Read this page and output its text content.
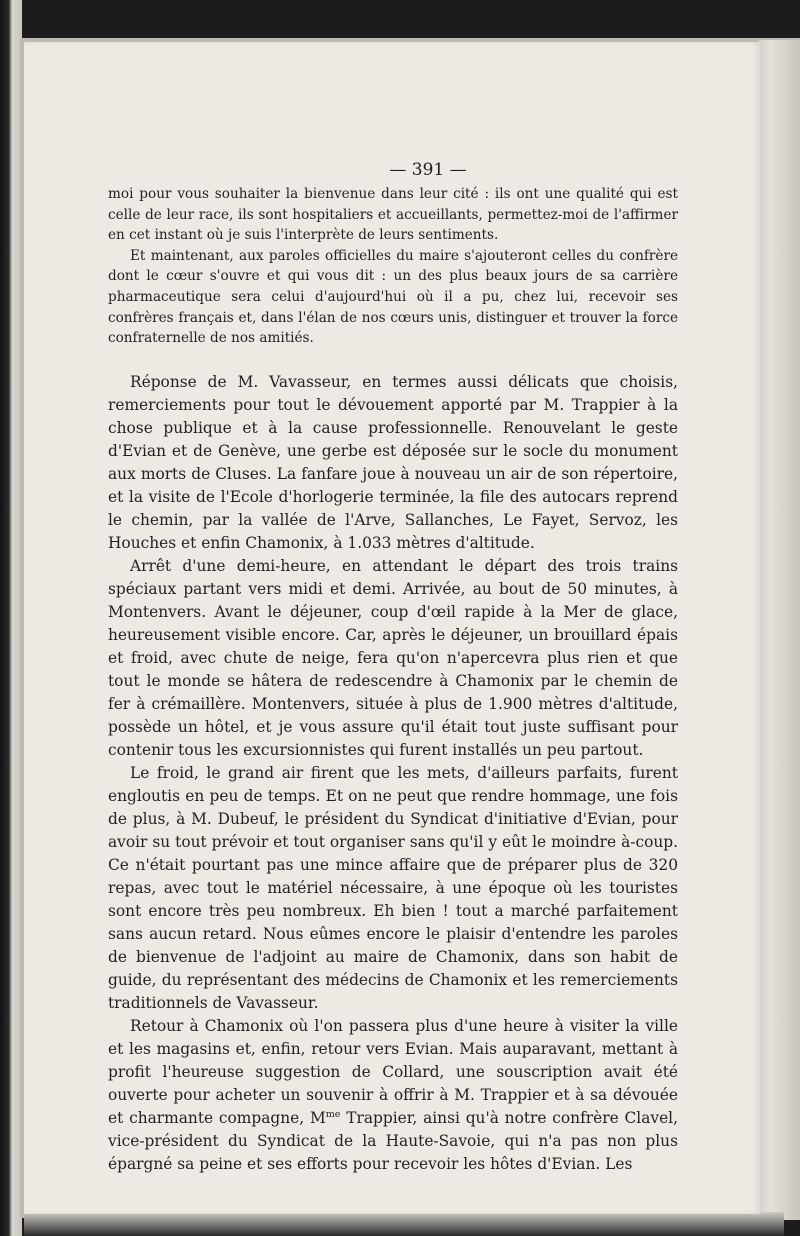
— 391 —

moi pour vous souhaiter la bienvenue dans leur cité : ils ont une qualité qui est celle de leur race, ils sont hospitaliers et accueillants, permettez-moi de l'affirmer en cet instant où je suis l'interprète de leurs sentiments.

Et maintenant, aux paroles officielles du maire s'ajouteront celles du confrère dont le cœur s'ouvre et qui vous dit : un des plus beaux jours de sa carrière pharmaceutique sera celui d'aujourd'hui où il a pu, chez lui, recevoir ses confrères français et, dans l'élan de nos cœurs unis, distinguer et trouver la force confraternelle de nos amitiés.

Réponse de M. Vavasseur, en termes aussi délicats que choisis, remerciements pour tout le dévouement apporté par M. Trappier à la chose publique et à la cause professionnelle. Renouvelant le geste d'Evian et de Genève, une gerbe est déposée sur le socle du monument aux morts de Cluses. La fanfare joue à nouveau un air de son répertoire, et la visite de l'Ecole d'horlogerie terminée, la file des autocars reprend le chemin, par la vallée de l'Arve, Sallanches, Le Fayet, Servoz, les Houches et enfin Chamonix, à 1.033 mètres d'altitude.

Arrêt d'une demi-heure, en attendant le départ des trois trains spéciaux partant vers midi et demi. Arrivée, au bout de 50 minutes, à Montenvers. Avant le déjeuner, coup d'œil rapide à la Mer de glace, heureusement visible encore. Car, après le déjeuner, un brouillard épais et froid, avec chute de neige, fera qu'on n'apercevra plus rien et que tout le monde se hâtera de redescendre à Chamonix par le chemin de fer à crémaillère. Montenvers, située à plus de 1.900 mètres d'altitude, possède un hôtel, et je vous assure qu'il était tout juste suffisant pour contenir tous les excursionnistes qui furent installés un peu partout.

Le froid, le grand air firent que les mets, d'ailleurs parfaits, furent engloutis en peu de temps. Et on ne peut que rendre hommage, une fois de plus, à M. Dubeuf, le président du Syndicat d'initiative d'Evian, pour avoir su tout prévoir et tout organiser sans qu'il y eût le moindre à-coup. Ce n'était pourtant pas une mince affaire que de préparer plus de 320 repas, avec tout le matériel nécessaire, à une époque où les touristes sont encore très peu nombreux. Eh bien ! tout a marché parfaitement sans aucun retard. Nous eûmes encore le plaisir d'entendre les paroles de bienvenue de l'adjoint au maire de Chamonix, dans son habit de guide, du représentant des médecins de Chamonix et les remerciements traditionnels de Vavasseur.

Retour à Chamonix où l'on passera plus d'une heure à visiter la ville et les magasins et, enfin, retour vers Evian. Mais auparavant, mettant à profit l'heureuse suggestion de Collard, une souscription avait été ouverte pour acheter un souvenir à offrir à M. Trappier et à sa dévouée et charmante compagne, $M^{me}$ Trappier, ainsi qu'à notre confrère Clavel, vice-président du Syndicat de la Haute-Savoie, qui n'a pas non plus épargné sa peine et ses efforts pour recevoir les hôtes d'Evian. Les
